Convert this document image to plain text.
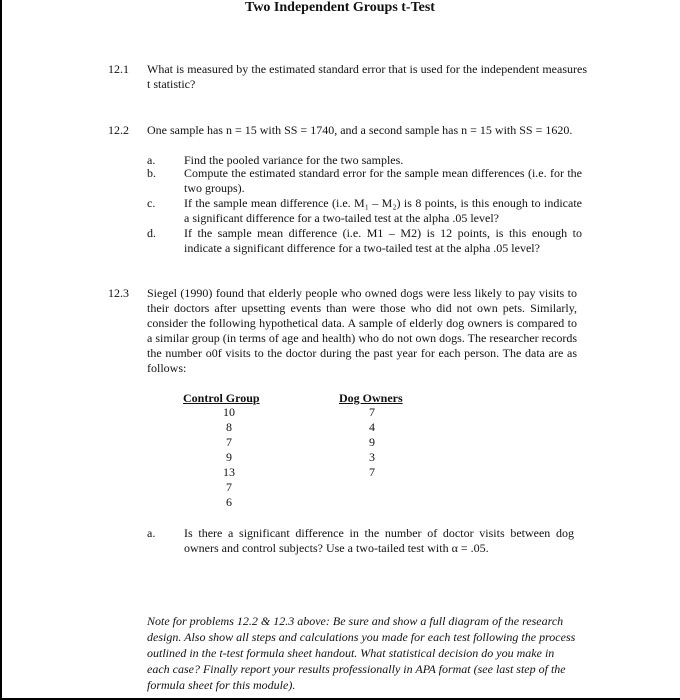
Two Independent Groups t-Test
12.1 What is measured by the estimated standard error that is used for the independent measures t statistic?
12.2 One sample has n = 15 with SS = 1740, and a second sample has n = 15 with SS = 1620.
a.	Find the pooled variance for the two samples.
b.	Compute the estimated standard error for the sample mean differences (i.e. for the two groups).
c.	If the sample mean difference (i.e. M₁ – M₂) is 8 points, is this enough to indicate a significant difference for a two-tailed test at the alpha .05 level?
d.	If the sample mean difference (i.e. M1 – M2) is 12 points, is this enough to indicate a significant difference for a two-tailed test at the alpha .05 level?
12.3 Siegel (1990) found that elderly people who owned dogs were less likely to pay visits to their doctors after upsetting events than were those who did not own pets. Similarly, consider the following hypothetical data. A sample of elderly dog owners is compared to a similar group (in terms of age and health) who do not own dogs. The researcher records the number o0f visits to the doctor during the past year for each person. The data are as follows:
Control Group		Dog Owners
10		7
8		4
7		9
9		3
13		7
7		
6		
a.	Is there a significant difference in the number of doctor visits between dog owners and control subjects? Use a two-tailed test with α = .05.
Note for problems 12.2 & 12.3 above: Be sure and show a full diagram of the research design. Also show all steps and calculations you made for each test following the process outlined in the t-test formula sheet handout. What statistical decision do you make in each case? Finally report your results professionally in APA format (see last step of the formula sheet for this module).
